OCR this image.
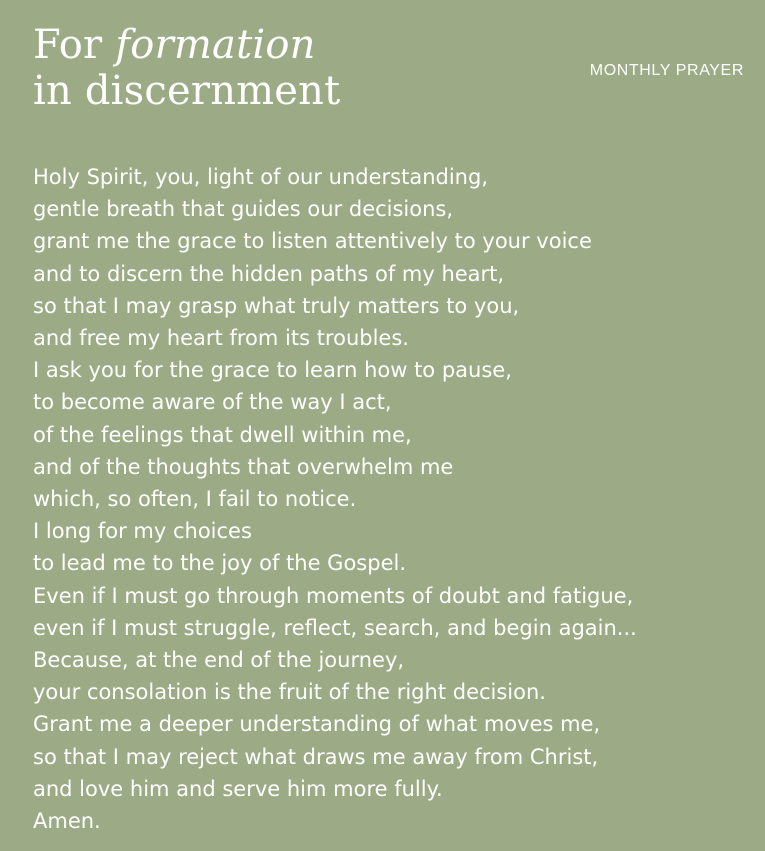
For formation
in discernment	MONTHLY PRAYER
Holy Spirit, you, light of our understanding,
gentle breath that guides our decisions,
grant me the grace to listen attentively to your voice
and to discern the hidden paths of my heart,
so that I may grasp what truly matters to you,
and free my heart from its troubles.
I ask you for the grace to learn how to pause,
to become aware of the way I act,
of the feelings that dwell within me,
and of the thoughts that overwhelm me
which, so often, I fail to notice.
I long for my choices
to lead me to the joy of the Gospel.
Even if I must go through moments of doubt and fatigue,
even if I must struggle, reflect, search, and begin again...
Because, at the end of the journey,
your consolation is the fruit of the right decision.
Grant me a deeper understanding of what moves me,
so that I may reject what draws me away from Christ,
and love him and serve him more fully.
Amen.
